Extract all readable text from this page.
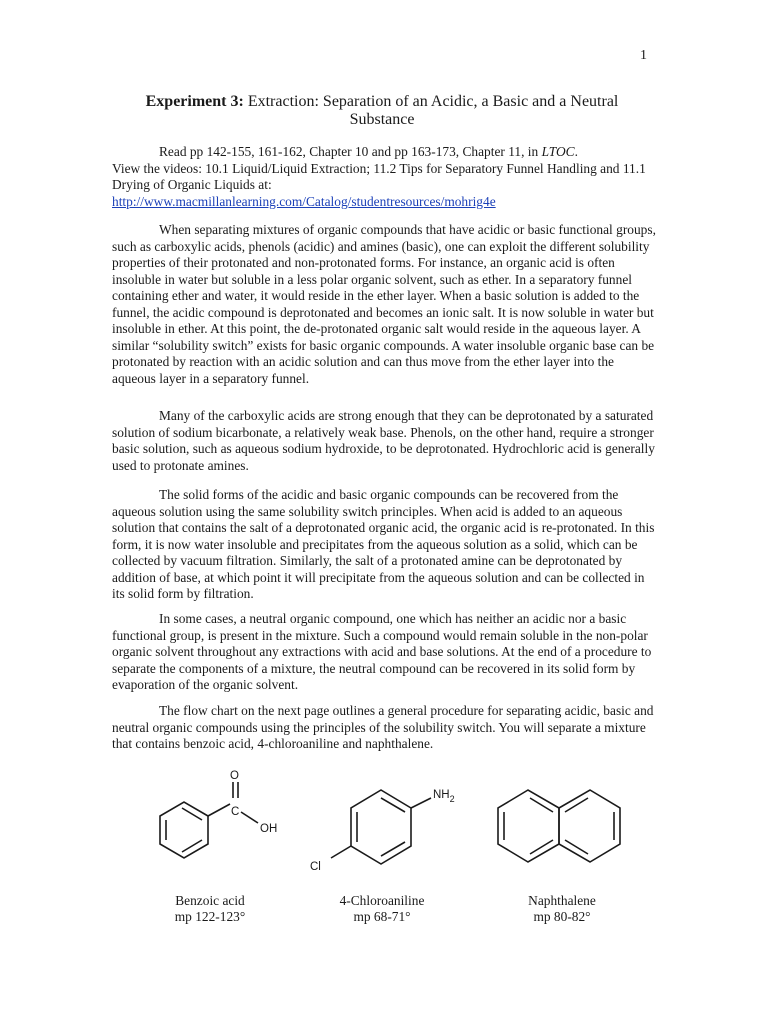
1
Experiment 3: Extraction: Separation of an Acidic, a Basic and a Neutral
Substance
Read pp 142-155, 161-162, Chapter 10 and pp 163-173, Chapter 11, in LTOC.
View the videos: 10.1 Liquid/Liquid Extraction; 11.2 Tips for Separatory Funnel Handling and 11.1 Drying of Organic Liquids at:
http://www.macmillanlearning.com/Catalog/studentresources/mohrig4e

When separating mixtures of organic compounds that have acidic or basic functional groups, such as carboxylic acids, phenols (acidic) and amines (basic), one can exploit the different solubility properties of their protonated and non-protonated forms. For instance, an organic acid is often insoluble in water but soluble in a less polar organic solvent, such as ether. In a separatory funnel containing ether and water, it would reside in the ether layer. When a basic solution is added to the funnel, the acidic compound is deprotonated and becomes an ionic salt. It is now soluble in water but insoluble in ether. At this point, the de-protonated organic salt would reside in the aqueous layer. A similar “solubility switch” exists for basic organic compounds. A water insoluble organic base can be protonated by reaction with an acidic solution and can thus move from the ether layer into the aqueous layer in a separatory funnel.

Many of the carboxylic acids are strong enough that they can be deprotonated by a saturated solution of sodium bicarbonate, a relatively weak base. Phenols, on the other hand, require a stronger basic solution, such as aqueous sodium hydroxide, to be deprotonated. Hydrochloric acid is generally used to protonate amines.

The solid forms of the acidic and basic organic compounds can be recovered from the aqueous solution using the same solubility switch principles. When acid is added to an aqueous solution that contains the salt of a deprotonated organic acid, the organic acid is re-protonated. In this form, it is now water insoluble and precipitates from the aqueous solution as a solid, which can be collected by vacuum filtration. Similarly, the salt of a protonated amine can be deprotonated by addition of base, at which point it will precipitate from the aqueous solution and can be collected in its solid form by filtration.

In some cases, a neutral organic compound, one which has neither an acidic nor a basic functional group, is present in the mixture. Such a compound would remain soluble in the non-polar organic solvent throughout any extractions with acid and base solutions. At the end of a procedure to separate the components of a mixture, the neutral compound can be recovered in its solid form by evaporation of the organic solvent.

The flow chart on the next page outlines a general procedure for separating acidic, basic and neutral organic compounds using the principles of the solubility switch. You will separate a mixture that contains benzoic acid, 4-chloroaniline and naphthalene.

O
C
OH
$NH_2$
Cl
Benzoic acid
mp 122-123°
4-Chloroaniline
mp 68-71°
Naphthalene
mp 80-82°
